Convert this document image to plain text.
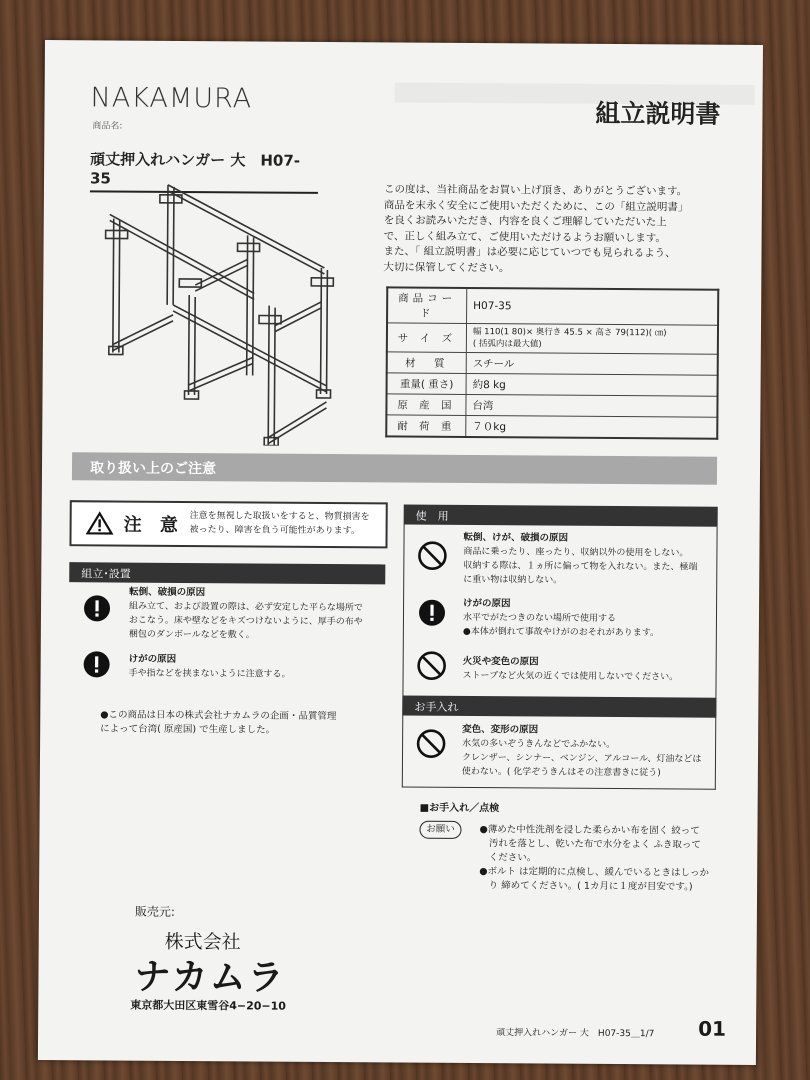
NAKAMURA	組立説明書
商品名:
頑丈押入れハンガー 大　H07-35
この度は、当社商品をお買い上げ頂き、ありがとうございます。
商品を末永く安全にご使用いただくために、この「組立説明書」
を良くお読みいただき、内容を良くご理解していただいた上
で、正しく組み立て、ご使用いただけるようお願いします。
また、「 組立説明書」は必要に応じていつでも見られるよう、
大切に保管してください。
商品コード	H07-35
サ イ ズ	幅 110(1 80)× 奥行き 45.5 × 高さ 79(112)( ㎝)
( 括弧内は最大値)

材　質	スチール
重量( 重さ)	約8 kg
原 産 国	台湾
耐 荷 重	７０kg
取り扱い上のご注意
注 意 注意を無視した取扱いをすると、物質損害を
被ったり、障害を負う可能性があります。
組立･設置
転倒、破損の原因
組み立て、および設置の際は、必ず安定した平らな場所で
おこなう。床や壁などをキズつけないように、厚手の布や
梱包のダンボールなどを敷く。
けがの原因
手や指などを挟まないように注意する。
●この商品は日本の株式会社ナカムラの企画・品質管理
によって台湾( 原産国) で生産しました。
使　用
転倒、けが、破損の原因
商品に乗ったり、座ったり、収納以外の使用をしない。
収納する際は、１ヵ所に偏って物を入れない。また、極端
に重い物は収納しない。
けがの原因
水平でがたつきのない場所で使用する
●本体が倒れて事故やけがのおそれがあります。
火災や変色の原因
ストーブなど火気の近くでは使用しないでください。
お手入れ
変色、変形の原因
水気の多いぞうきんなどでふかない。
クレンザー、シンナー、ベンジン、アルコール、灯油などは
使わない。( 化学ぞうきんはその注意書きに従う)
■お手入れ／点検
お願い	●薄めた中性洗剤を浸した柔らかい布を固く 絞って
　汚れを落とし、乾いた布で水分をよく ふき取って
　ください。
●ボルト は定期的に点検し、緩んでいるときはしっか
　り 締めてください。( 1カ月に１度が目安です。)
販売元:
株式会社
ナカムラ
東京都大田区東雪谷4−20−10
頑丈押入れハンガー 大　H07-35＿1/7 01
